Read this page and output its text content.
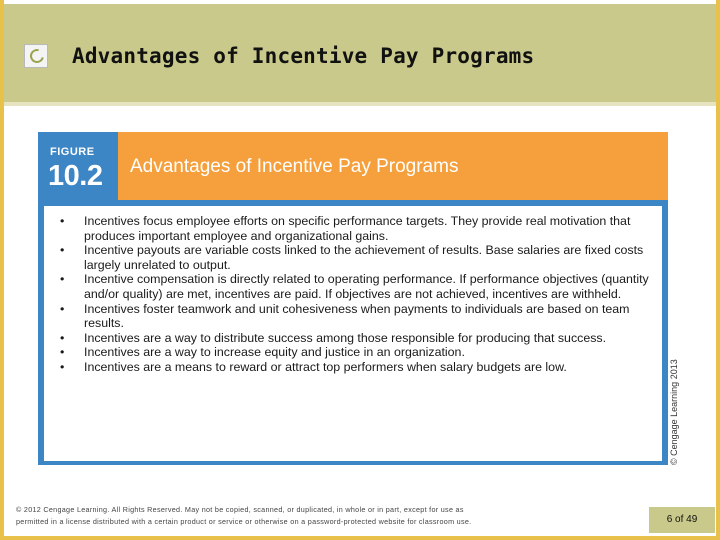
Advantages of Incentive Pay Programs
FIGURE
10.2 Advantages of Incentive Pay Programs
• Incentives focus employee efforts on specific performance targets. They provide real motivation that produces important employee and organizational gains.
• Incentive payouts are variable costs linked to the achievement of results. Base salaries are fixed costs largely unrelated to output.
• Incentive compensation is directly related to operating performance. If performance objectives (quantity and/or quality) are met, incentives are paid. If objectives are not achieved, incentives are withheld.
• Incentives foster teamwork and unit cohesiveness when payments to individuals are based on team results.
• Incentives are a way to distribute success among those responsible for producing that success.
• Incentives are a way to increase equity and justice in an organization.
• Incentives are a means to reward or attract top performers when salary budgets are low.	© Cengage Learning 2013
© 2012 Cengage Learning. All Rights Reserved. May not be copied, scanned, or duplicated, in whole or in part, except for use as
permitted in a license distributed with a certain product or service or otherwise on a password-protected website for classroom use.	6 of 49
